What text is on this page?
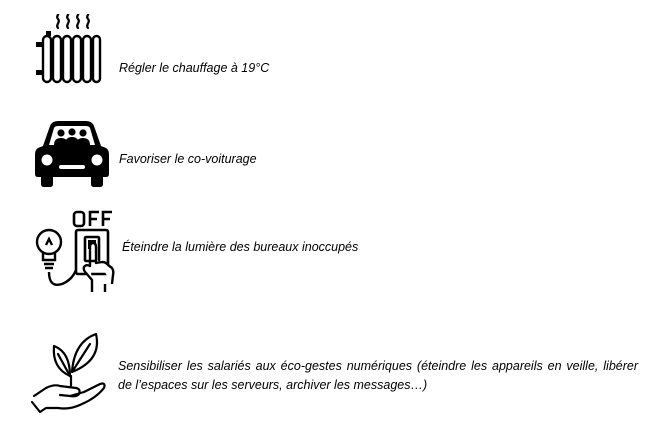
Régler le chauffage à 19°C
Favoriser le co-voiturage
Éteindre la lumière des bureaux inoccupés
Sensibiliser les salariés aux éco-gestes numériques (éteindre les appareils en veille, libérer de l’espaces sur les serveurs, archiver les messages…)
